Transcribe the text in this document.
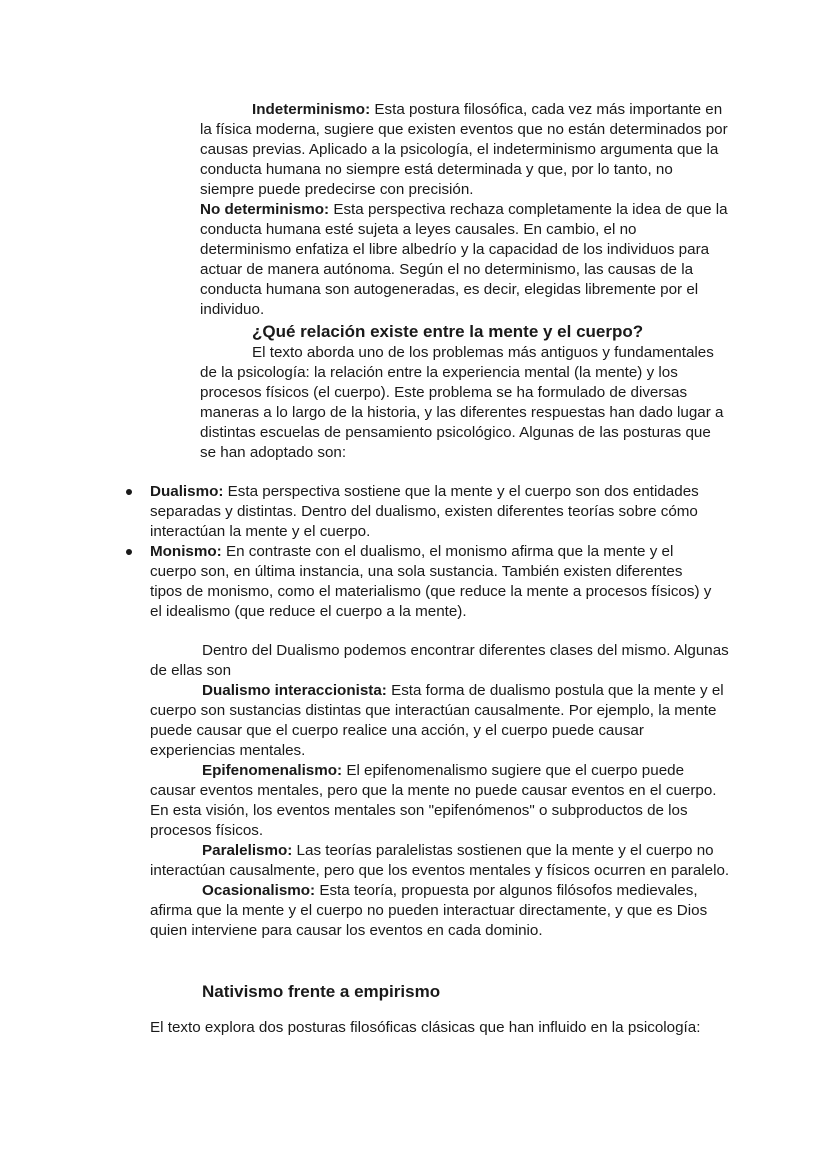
Indeterminismo: Esta postura filosófica, cada vez más importante en la física moderna, sugiere que existen eventos que no están determinados por causas previas. Aplicado a la psicología, el indeterminismo argumenta que la conducta humana no siempre está determinada y que, por lo tanto, no siempre puede predecirse con precisión.

No determinismo: Esta perspectiva rechaza completamente la idea de que la conducta humana esté sujeta a leyes causales. En cambio, el no determinismo enfatiza el libre albedrío y la capacidad de los individuos para actuar de manera autónoma. Según el no determinismo, las causas de la conducta humana son autogeneradas, es decir, elegidas libremente por el individuo.

¿Qué relación existe entre la mente y el cuerpo?

El texto aborda uno de los problemas más antiguos y fundamentales de la psicología: la relación entre la experiencia mental (la mente) y los procesos físicos (el cuerpo). Este problema se ha formulado de diversas maneras a lo largo de la historia, y las diferentes respuestas han dado lugar a distintas escuelas de pensamiento psicológico. Algunas de las posturas que se han adoptado son:

Dualismo: Esta perspectiva sostiene que la mente y el cuerpo son dos entidades separadas y distintas. Dentro del dualismo, existen diferentes teorías sobre cómo interactúan la mente y el cuerpo.
Monismo: En contraste con el dualismo, el monismo afirma que la mente y el cuerpo son, en última instancia, una sola sustancia. También existen diferentes tipos de monismo, como el materialismo (que reduce la mente a procesos físicos) y el idealismo (que reduce el cuerpo a la mente).

Dentro del Dualismo podemos encontrar diferentes clases del mismo. Algunas de ellas son

Dualismo interaccionista: Esta forma de dualismo postula que la mente y el cuerpo son sustancias distintas que interactúan causalmente. Por ejemplo, la mente puede causar que el cuerpo realice una acción, y el cuerpo puede causar experiencias mentales.

Epifenomenalismo: El epifenomenalismo sugiere que el cuerpo puede causar eventos mentales, pero que la mente no puede causar eventos en el cuerpo. En esta visión, los eventos mentales son "epifenómenos" o subproductos de los procesos físicos.

Paralelismo: Las teorías paralelistas sostienen que la mente y el cuerpo no interactúan causalmente, pero que los eventos mentales y físicos ocurren en paralelo.

Ocasionalismo: Esta teoría, propuesta por algunos filósofos medievales, afirma que la mente y el cuerpo no pueden interactuar directamente, y que es Dios quien interviene para causar los eventos en cada dominio.

Nativismo frente a empirismo

El texto explora dos posturas filosóficas clásicas que han influido en la psicología:
